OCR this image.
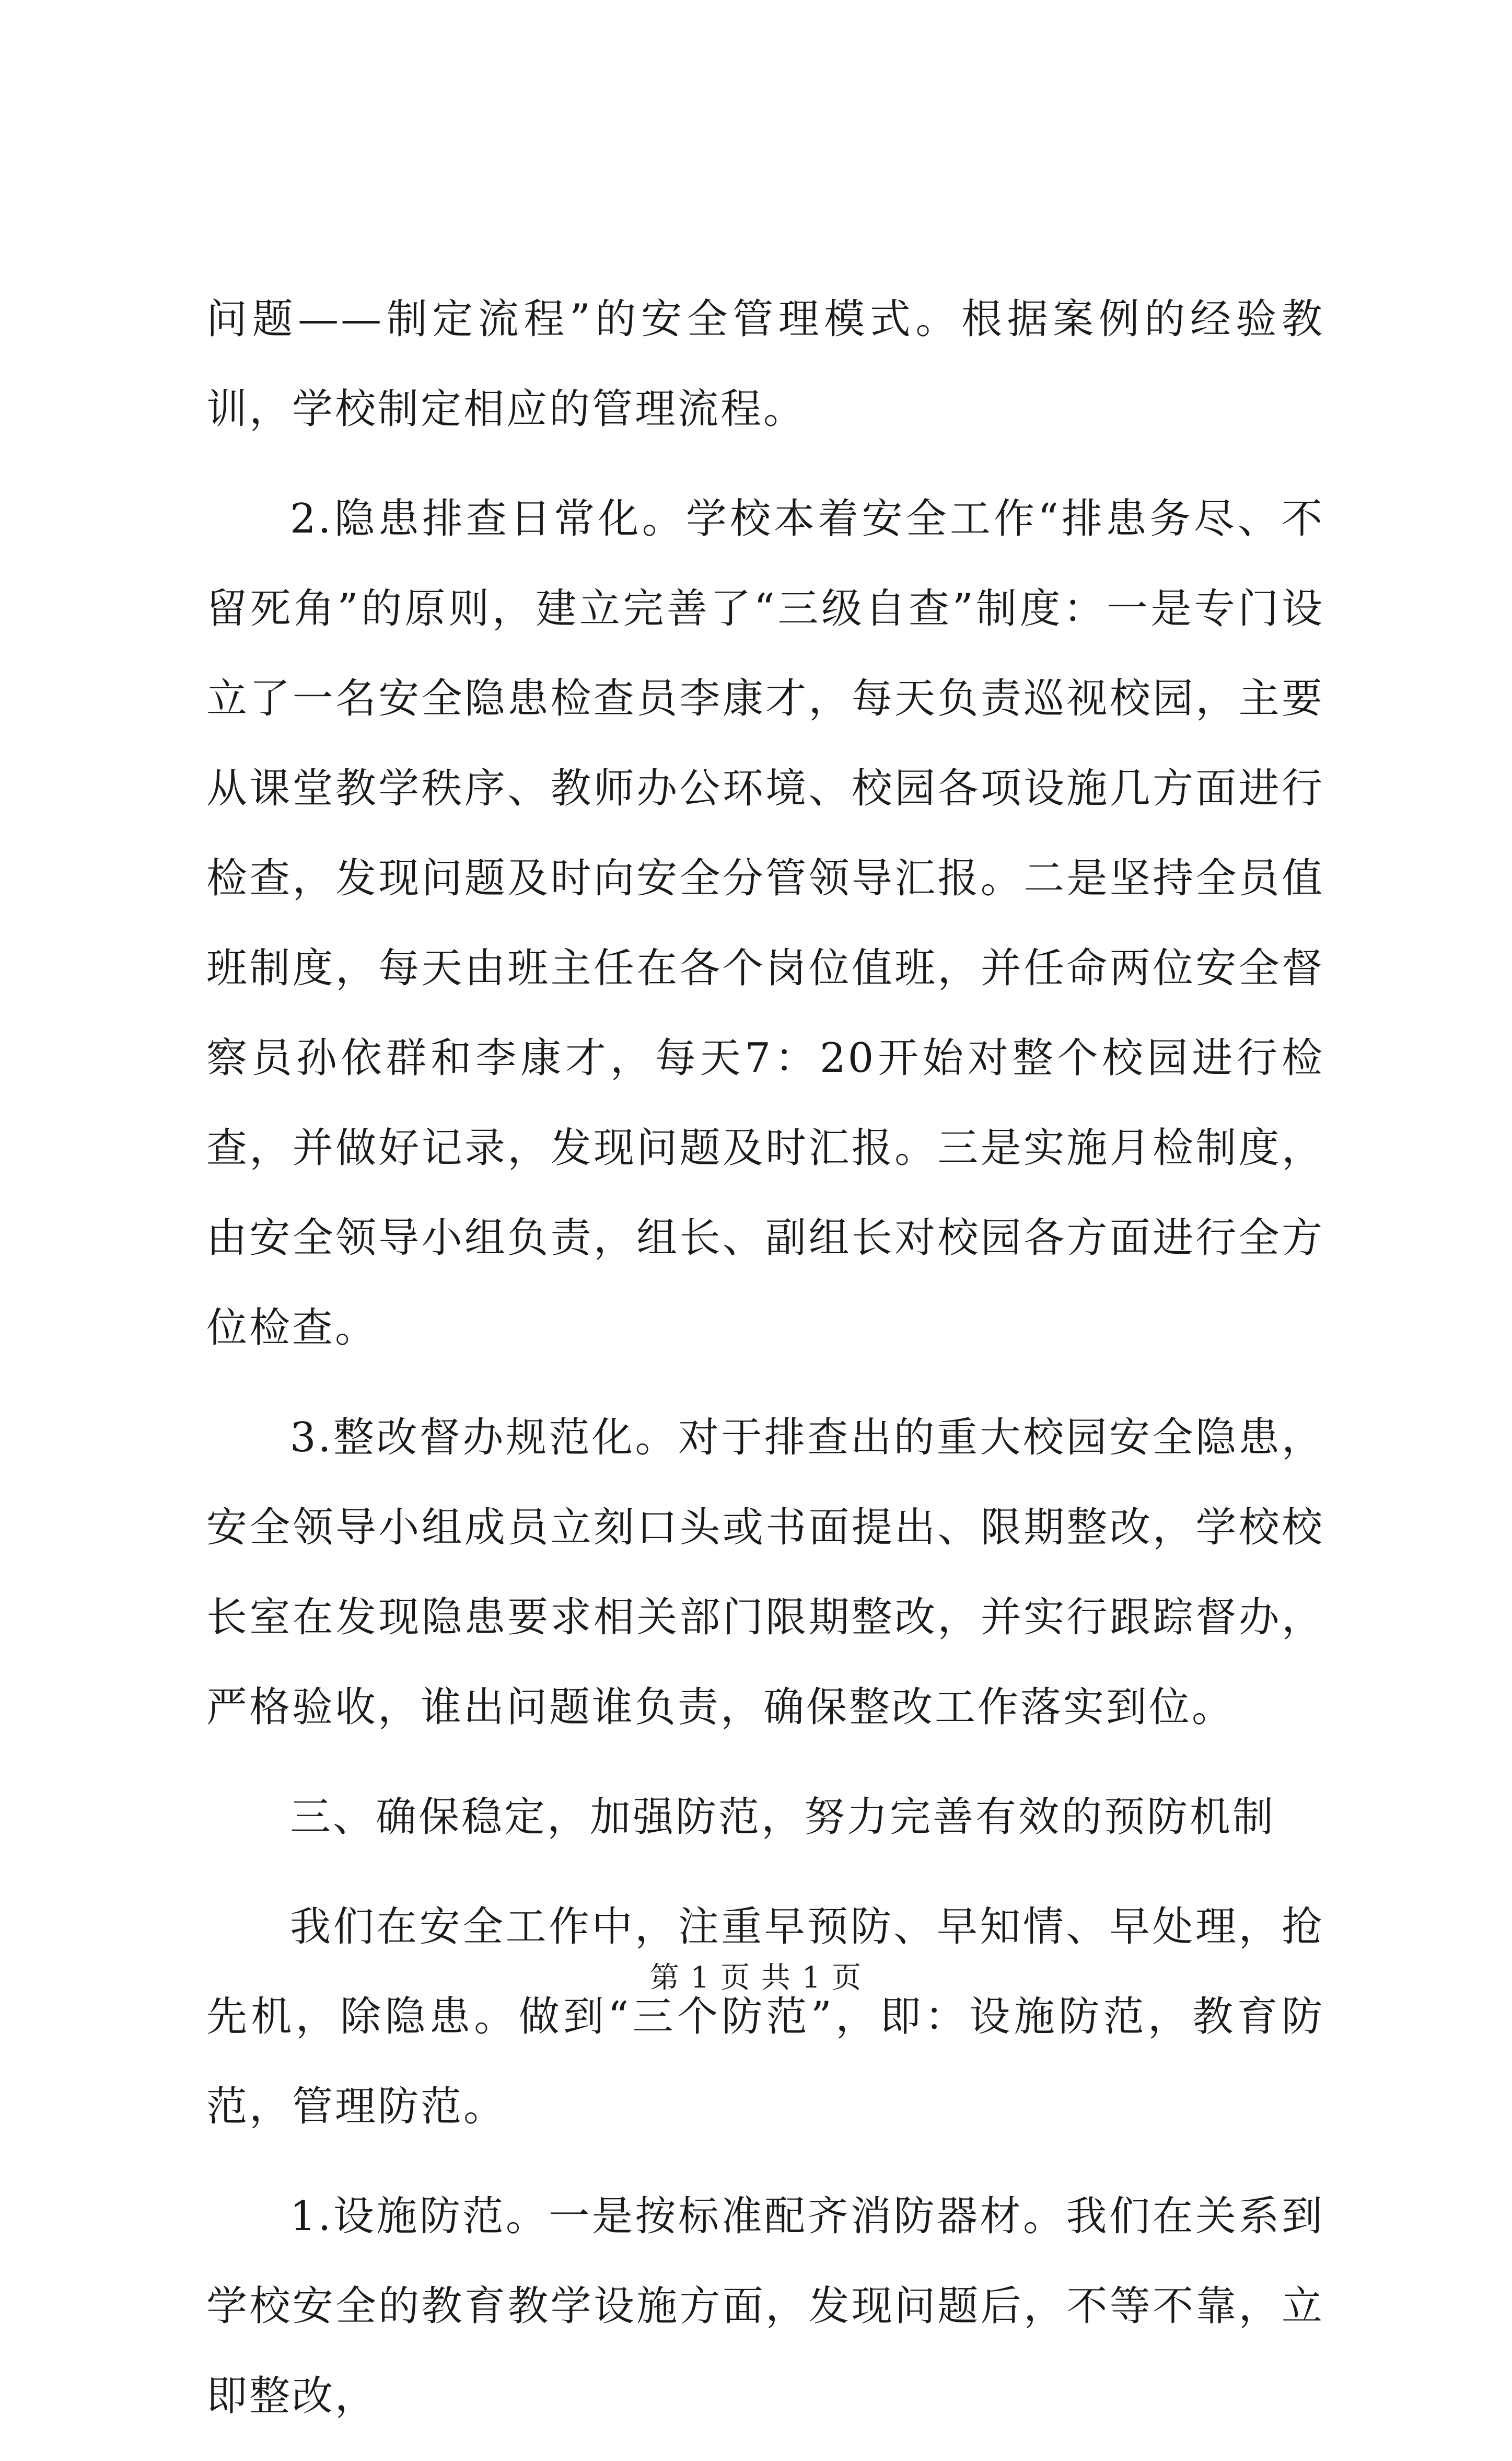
问题——制定流程”的安全管理模式。根据案例的经验教训，学校制定相应的管理流程。

2.隐患排查日常化。学校本着安全工作“排患务尽、不留死角”的原则，建立完善了“三级自查”制度：一是专门设立了一名安全隐患检查员李康才，每天负责巡视校园，主要从课堂教学秩序、教师办公环境、校园各项设施几方面进行检查，发现问题及时向安全分管领导汇报。二是坚持全员值班制度，每天由班主任在各个岗位值班，并任命两位安全督察员孙依群和李康才，每天7：20开始对整个校园进行检查，并做好记录，发现问题及时汇报。三是实施月检制度，由安全领导小组负责，组长、副组长对校园各方面进行全方位检查。

3.整改督办规范化。对于排查出的重大校园安全隐患，安全领导小组成员立刻口头或书面提出、限期整改，学校校长室在发现隐患要求相关部门限期整改，并实行跟踪督办，严格验收，谁出问题谁负责，确保整改工作落实到位。

三、确保稳定，加强防范，努力完善有效的预防机制

我们在安全工作中，注重早预防、早知情、早处理，抢先机，除隐患。做到“三个防范”，即：设施防范，教育防范，管理防范。

1.设施防范。一是按标准配齐消防器材。我们在关系到学校安全的教育教学设施方面，发现问题后，不等不靠，立即整改，

第 1 页 共 1 页
